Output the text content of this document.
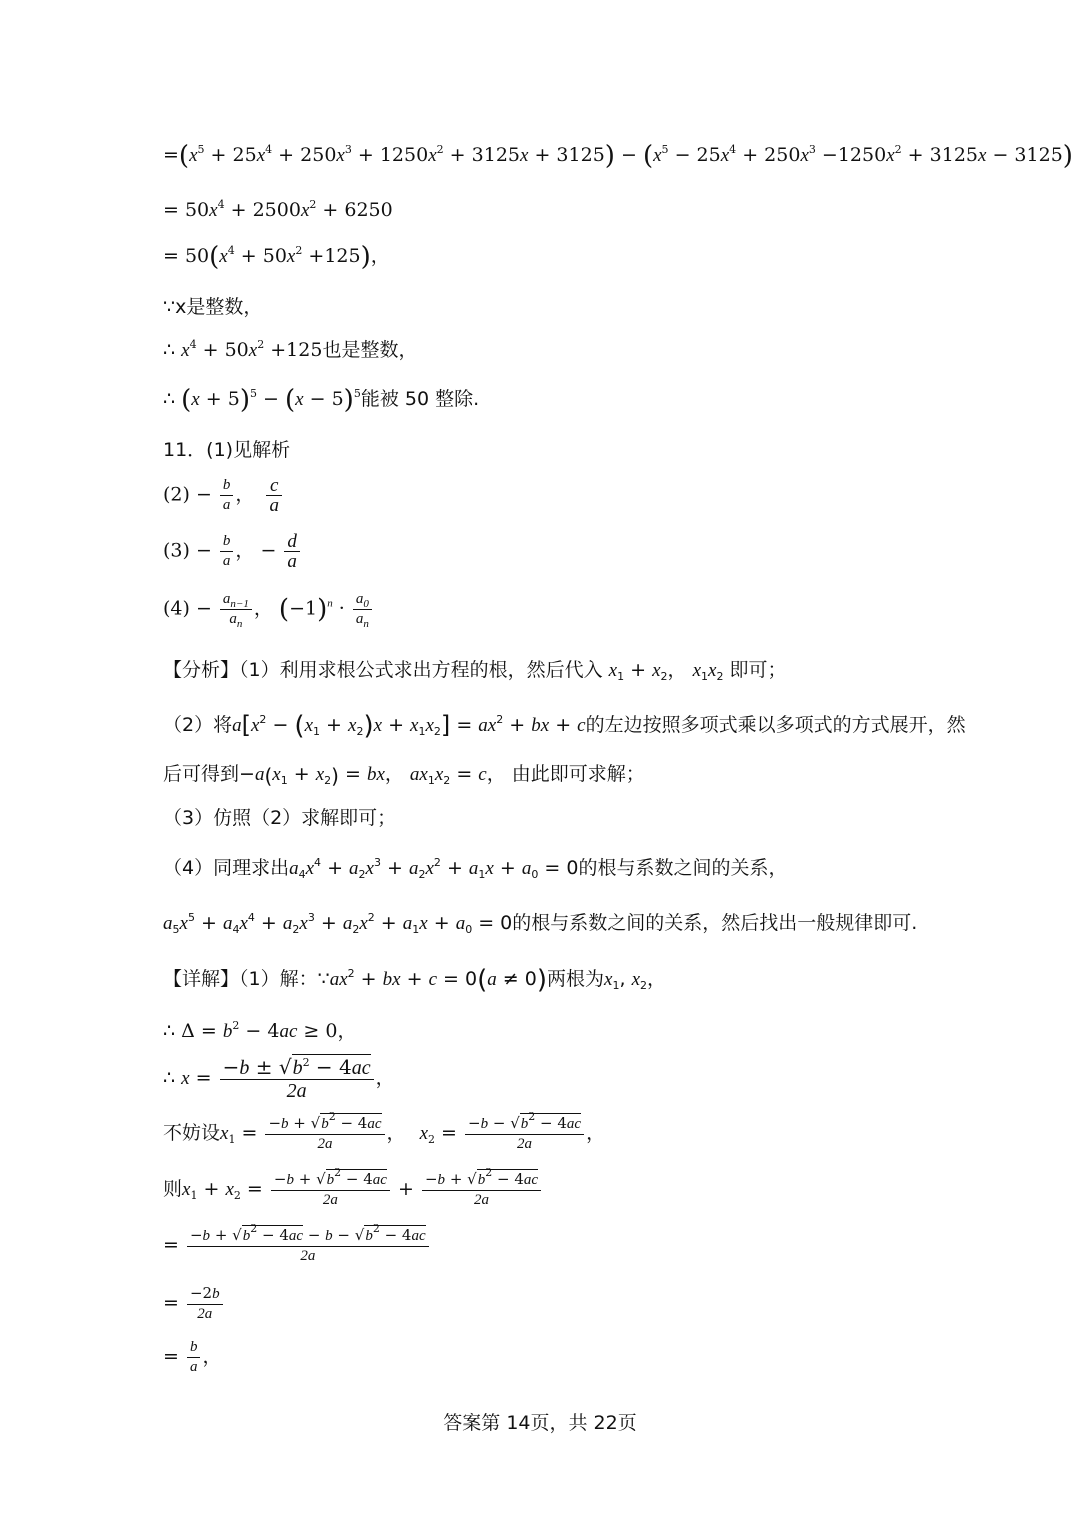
$=(x^5 + 25x^4 + 250x^3 + 1250x^2 + 3125x + 3125) - (x^5 - 25x^4 + 250x^3 -1250x^2 + 3125x - 3125)$
= $50x^4 + 2500x^2 + 6250$
= $50(x^4 + 50x^2 +125)$，
∵x是整数，
∴ $x^4 + 50x^2 +125$也是整数，
∴ $(x + 5)^5 - (x - 5)^5$能被 50 整除.
11．(1)见解析
$(2) - \frac{b}{a}$ ， $\frac{c}{a}$
$(3) - \frac{b}{a}$ ， − $\frac{d}{a}$
$(4) - \frac{a_{n-1}}{a_n}$ ， $(-1)^n \cdot \frac{a_0}{a_n}$
【分析】（1）利用求根公式求出方程的根，然后代入 $x_1 + x_2$， $x_1x_2$ 即可；
（2）将$a[x^2 - (x_1 + x_2)x + x_1x_2] = ax^2$ + bx + c的左边按照多项式乘以多项式的方式展开，然
后可得到$-a(x_1 + x_2)$ = bx， $ax_1x_2 = c$， 由此即可求解；
（3）仿照（2）求解即可；
（4）同理求出$a_4x^4 + a_2x^3 + a_2x^2 + a_1x + a_0 = 0$的根与系数之间的关系，
$a_5x^5 + a_4x^4 + a_2x^3 + a_2x^2 + a_1x + a_0 = 0$的根与系数之间的关系，然后找出一般规律即可.
【详解】（1）解：$\because ax^2$ + bx + c = 0(a ≠ 0)两根为$x_1$, $x_2$，
∴ $\Delta = b^2 - 4ac \ge 0$，
∴ $x = \frac{-b \pm √b^2 - 4ac}{2a}$ ，
不妨设$x_1 = \frac{-b + √b^2 - 4ac}{2a}$ ， $x_2 = \frac{-b - √b^2 - 4ac}{2a}$ ，
则$x_1 + x_2 = \frac{-b + √b^2 - 4ac}{2a} + \frac{-b + √b^2 - 4ac}{2a}$
= $\frac{-b + √b^2 - 4ac - b - √b^2 - 4ac}{2a}$
= $\frac{-2b}{2a}$
= $\frac{b}{a}$ ，
答案第 14页，共 22页
